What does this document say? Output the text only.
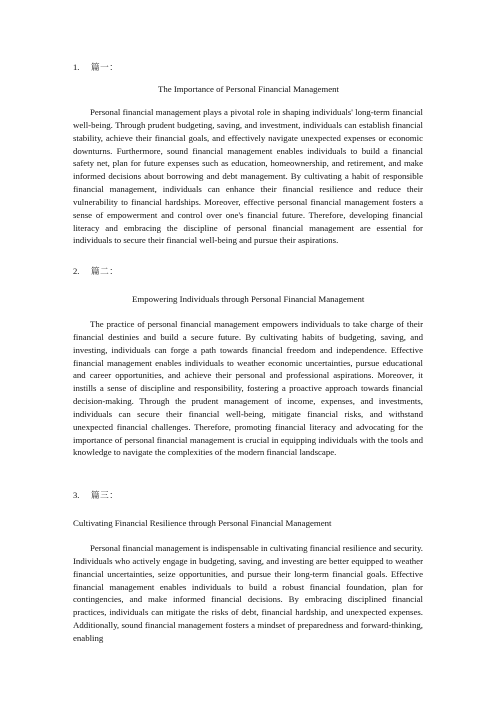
1. 篇一：
The Importance of Personal Financial Management

Personal financial management plays a pivotal role in shaping individuals' long-term financial well-being. Through prudent budgeting, saving, and investment, individuals can establish financial stability, achieve their financial goals, and effectively navigate unexpected expenses or economic downturns. Furthermore, sound financial management enables individuals to build a financial safety net, plan for future expenses such as education, homeownership, and retirement, and make informed decisions about borrowing and debt management. By cultivating a habit of responsible financial management, individuals can enhance their financial resilience and reduce their vulnerability to financial hardships. Moreover, effective personal financial management fosters a sense of empowerment and control over one's financial future. Therefore, developing financial literacy and embracing the discipline of personal financial management are essential for individuals to secure their financial well-being and pursue their aspirations.

2. 篇二：
Empowering Individuals through Personal Financial Management

The practice of personal financial management empowers individuals to take charge of their financial destinies and build a secure future. By cultivating habits of budgeting, saving, and investing, individuals can forge a path towards financial freedom and independence. Effective financial management enables individuals to weather economic uncertainties, pursue educational and career opportunities, and achieve their personal and professional aspirations. Moreover, it instills a sense of discipline and responsibility, fostering a proactive approach towards financial decision-making. Through the prudent management of income, expenses, and investments, individuals can secure their financial well-being, mitigate financial risks, and withstand unexpected financial challenges. Therefore, promoting financial literacy and advocating for the importance of personal financial management is crucial in equipping individuals with the tools and knowledge to navigate the complexities of the modern financial landscape.

3. 篇三：
Cultivating Financial Resilience through Personal Financial Management

Personal financial management is indispensable in cultivating financial resilience and security. Individuals who actively engage in budgeting, saving, and investing are better equipped to weather financial uncertainties, seize opportunities, and pursue their long-term financial goals. Effective financial management enables individuals to build a robust financial foundation, plan for contingencies, and make informed financial decisions. By embracing disciplined financial practices, individuals can mitigate the risks of debt, financial hardship, and unexpected expenses. Additionally, sound financial management fosters a mindset of preparedness and forward-thinking, enabling
